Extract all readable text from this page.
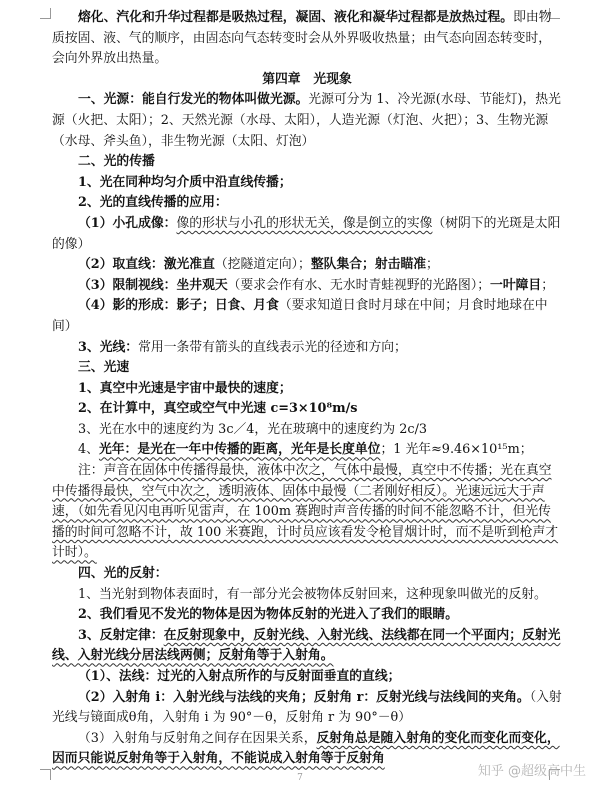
熔化、汽化和升华过程都是吸热过程，凝固、液化和凝华过程都是放热过程。即由物质按固、液、气的顺序，由固态向气态转变时会从外界吸收热量；由气态向固态转变时，会向外界放出热量。

第四章　光现象

一、光源：能自行发光的物体叫做光源。光源可分为 1、冷光源(水母、节能灯)，热光源（火把、太阳）；2、天然光源（水母、太阳），人造光源（灯泡、火把）；3、生物光源（水母、斧头鱼），非生物光源（太阳、灯泡）

二、光的传播

1、光在同种均匀介质中沿直线传播；

2、光的直线传播的应用：

（1）小孔成像：像的形状与小孔的形状无关，像是倒立的实像（树阴下的光斑是太阳的像）

（2）取直线：激光准直（挖隧道定向）；整队集合；射击瞄准；

（3）限制视线：坐井观天（要求会作有水、无水时青蛙视野的光路图）；一叶障目；

（4）影的形成：影子；日食、月食（要求知道日食时月球在中间；月食时地球在中间）

3、光线：常用一条带有箭头的直线表示光的径迹和方向；

三、光速

1、真空中光速是宇宙中最快的速度；

2、在计算中，真空或空气中光速 c=3×10⁸m/s

3、光在水中的速度约为 3c／4，光在玻璃中的速度约为 2c/3

4、光年：是光在一年中传播的距离，光年是长度单位；1 光年≈9.46×10¹⁵m；

注：声音在固体中传播得最快，液体中次之，气体中最慢，真空中不传播；光在真空中传播得最快，空气中次之，透明液体、固体中最慢（二者刚好相反）。光速远远大于声速，（如先看见闪电再听见雷声，在 100m 赛跑时声音传播的时间不能忽略不计，但光传播的时间可忽略不计，故 100 米赛跑，计时员应该看发令枪冒烟计时，而不是听到枪声才计时）。

四、光的反射：

1、当光射到物体表面时，有一部分光会被物体反射回来，这种现象叫做光的反射。

2、我们看见不发光的物体是因为物体反射的光进入了我们的眼睛。

3、反射定律：在反射现象中，反射光线、入射光线、法线都在同一个平面内；反射光线、入射光线分居法线两侧；反射角等于入射角。

（1）、法线：过光的入射点所作的与反射面垂直的直线；

（2）入射角 i：入射光线与法线的夹角；反射角 r：反射光线与法线间的夹角。（入射光线与镜面成θ角，入射角 i 为 90°－θ，反射角 r 为 90°－θ）

（3）入射角与反射角之间存在因果关系，反射角总是随入射角的变化而变化而变化，因而只能说反射角等于入射角，不能说成入射角等于反射角

7	知乎 @超级高中生
